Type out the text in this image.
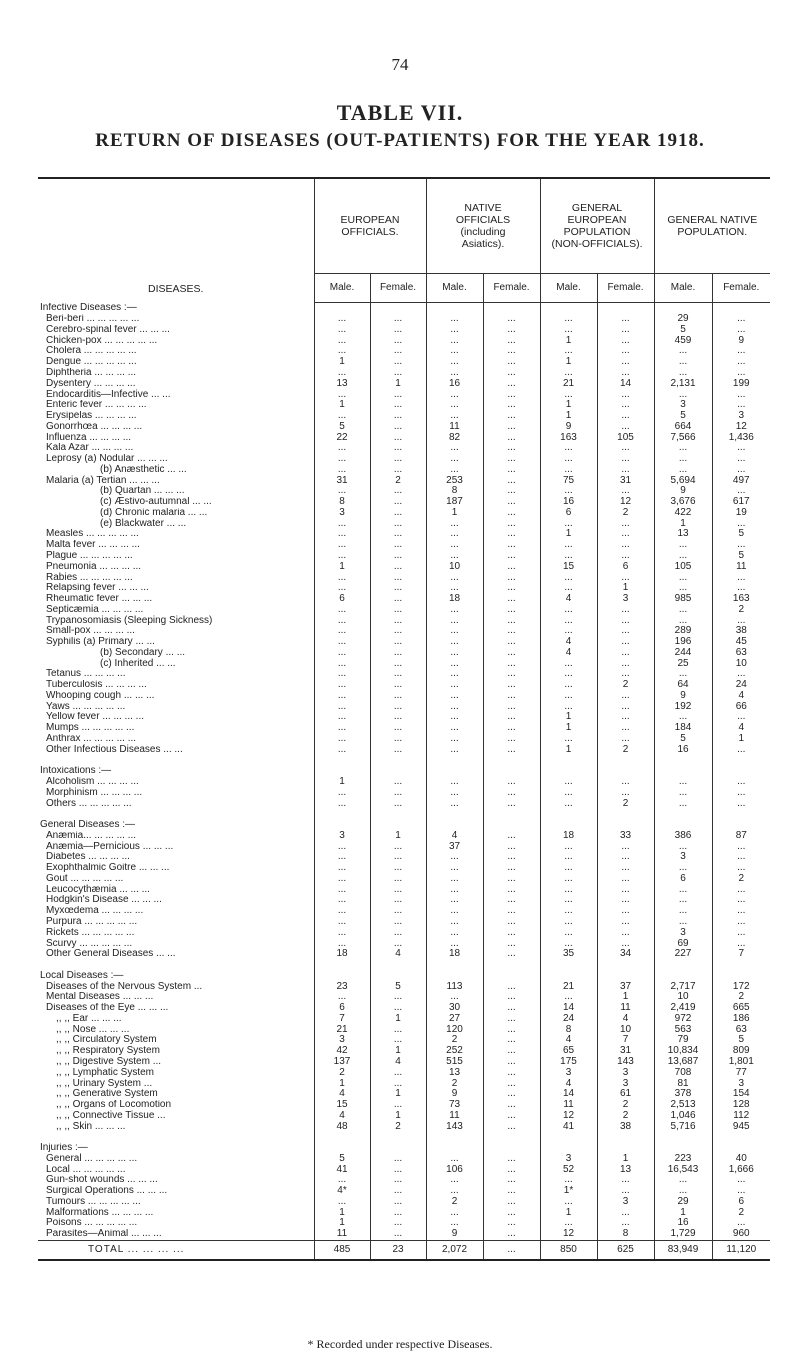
74
TABLE VII.
RETURN OF DISEASES (OUT-PATIENTS) FOR THE YEAR 1918.
DISEASES.	EUROPEAN
OFFICIALS.		NATIVE
OFFICIALS
(including
Asiatics).		GENERAL
EUROPEAN
POPULATION
(NON-OFFICIALS).		GENERAL NATIVE
POPULATION.	
	Male.	Female.	Male.	Female.	Male.	Female.	Male.	Female.
Infective Diseases :—								
Beri-beri ... ... ... ... ...	...	...	...	...	...	...	29	...
Cerebro-spinal fever ... ... ...	...	...	...	...	...	...	5	...
Chicken-pox ... ... ... ... ...	...	...	...	...	1	...	459	9
Cholera ... ... ... ... ...	...	...	...	...	...	...	...	...
Dengue ... ... ... ... ...	1	...	...	...	1	...	...	...
Diphtheria ... ... ... ...	...	...	...	...	...	...	...	...
Dysentery ... ... ... ...	13	1	16	...	21	14	2,131	199
Endocarditis—Infective ... ...	...	...	...	...	...	...	...	...
Enteric fever ... ... ... ...	1	...	...	...	1	...	3	...
Erysipelas ... ... ... ...	...	...	...	...	1	...	5	3
Gonorrhœa ... ... ... ...	5	...	11	...	9	...	664	12
Influenza ... ... ... ...	22	...	82	...	163	105	7,566	1,436
Kala Azar ... ... ... ...	...	...	...	...	...	...	...	...
Leprosy (a) Nodular ... ... ...	...	...	...	...	...	...	...	...
(b) Anæsthetic ... ...	...	...	...	...	...	...	...	...
Malaria (a) Tertian ... ... ...	31	2	253	...	75	31	5,694	497
(b) Quartan ... ... ...	...	...	8	...	...	...	9	...
(c) Æstivo-autumnal ... ...	8	...	187	...	16	12	3,676	617
(d) Chronic malaria ... ...	3	...	1	...	6	2	422	19
(e) Blackwater ... ...	...	...	...	...	...	...	1	...
Measles ... ... ... ... ...	...	...	...	...	1	...	13	5
Malta fever ... ... ... ...	...	...	...	...	...	...	...	...
Plague ... ... ... ... ...	...	...	...	...	...	...	...	5
Pneumonia ... ... ... ...	1	...	10	...	15	6	105	11
Rabies ... ... ... ... ...	...	...	...	...	...	...	...	...
Relapsing fever ... ... ...	...	...	...	...	...	1	...	...
Rheumatic fever ... ... ...	6	...	18	...	4	3	985	163
Septicæmia ... ... ... ...	...	...	...	...	...	...	...	2
Trypanosomiasis (Sleeping Sickness)	...	...	...	...	...	...	...	...
Small-pox ... ... ... ...	...	...	...	...	...	...	289	38
Syphilis (a) Primary ... ...	...	...	...	...	4	...	196	45
(b) Secondary ... ...	...	...	...	...	4	...	244	63
(c) Inherited ... ...	...	...	...	...	...	...	25	10
Tetanus ... ... ... ...	...	...	...	...	...	...	...	...
Tuberculosis ... ... ... ...	...	...	...	...	...	2	64	24
Whooping cough ... ... ...	...	...	...	...	...	...	9	4
Yaws ... ... ... ... ...	...	...	...	...	...	...	192	66
Yellow fever ... ... ... ...	...	...	...	...	1	...	...	...
Mumps ... ... ... ... ...	...	...	...	...	1	...	184	4
Anthrax ... ... ... ... ...	...	...	...	...	...	...	5	1
Other Infectious Diseases ... ...	...	...	...	...	1	2	16	...

Intoxications :—								
Alcoholism ... ... ... ...	1	...	...	...	...	...	...	...
Morphinism ... ... ... ...	...	...	...	...	...	...	...	...
Others ... ... ... ... ...	...	...	...	...	...	2	...	...

General Diseases :—								
Anæmia... ... ... ... ...	3	1	4	...	18	33	386	87
Anæmia—Pernicious ... ... ...	...	...	37	...	...	...	...	...
Diabetes ... ... ... ...	...	...	...	...	...	...	3	...
Exophthalmic Goitre ... ... ...	...	...	...	...	...	...	...	...
Gout ... ... ... ... ...	...	...	...	...	...	...	6	2
Leucocythæmia ... ... ...	...	...	...	...	...	...	...	...
Hodgkin's Disease ... ... ...	...	...	...	...	...	...	...	...
Myxœdema ... ... ... ...	...	...	...	...	...	...	...	...
Purpura ... ... ... ... ...	...	...	...	...	...	...	...	...
Rickets ... ... ... ... ...	...	...	...	...	...	...	3	...
Scurvy ... ... ... ... ...	...	...	...	...	...	...	69	...
Other General Diseases ... ...	18	4	18	...	35	34	227	7

Local Diseases :—								
Diseases of the Nervous System ...	23	5	113	...	21	37	2,717	172
Mental Diseases ... ... ...	...	...	...	...	...	1	10	2
Diseases of the Eye ... ... ...	6	...	30	...	14	11	2,419	665
,, ,, Ear ... ... ...	7	1	27	...	24	4	972	186
,, ,, Nose ... ... ...	21	...	120	...	8	10	563	63
,, ,, Circulatory System	3	...	2	...	4	7	79	5
,, ,, Respiratory System	42	1	252	...	65	31	10,834	809
,, ,, Digestive System ...	137	4	515	...	175	143	13,687	1,801
,, ,, Lymphatic System	2	...	13	...	3	3	708	77
,, ,, Urinary System ...	1	...	2	...	4	3	81	3
,, ,, Generative System	4	1	9	...	14	61	378	154
,, ,, Organs of Locomotion	15	...	73	...	11	2	2,513	128
,, ,, Connective Tissue ...	4	1	11	...	12	2	1,046	112
,, ,, Skin ... ... ...	48	2	143	...	41	38	5,716	945

Injuries :—								
General ... ... ... ... ...	5	...	...	...	3	1	223	40
Local ... ... ... ... ...	41	...	106	...	52	13	16,543	1,666
Gun-shot wounds ... ... ...	...	...	...	...	...	...	...	...
Surgical Operations ... ... ...	4*	...	...	...	1*	...	...	...
Tumours ... ... ... ... ...	...	...	2	...	...	3	29	6
Malformations ... ... ... ...	1	...	...	...	1	...	1	2
Poisons ... ... ... ... ...	1	...	...	...	...	...	16	...
Parasites—Animal ... ... ...	11	...	9	...	12	8	1,729	960
TOTAL ... ... ... ...	485	23	2,072	...	850	625	83,949	11,120
* Recorded under respective Diseases.
